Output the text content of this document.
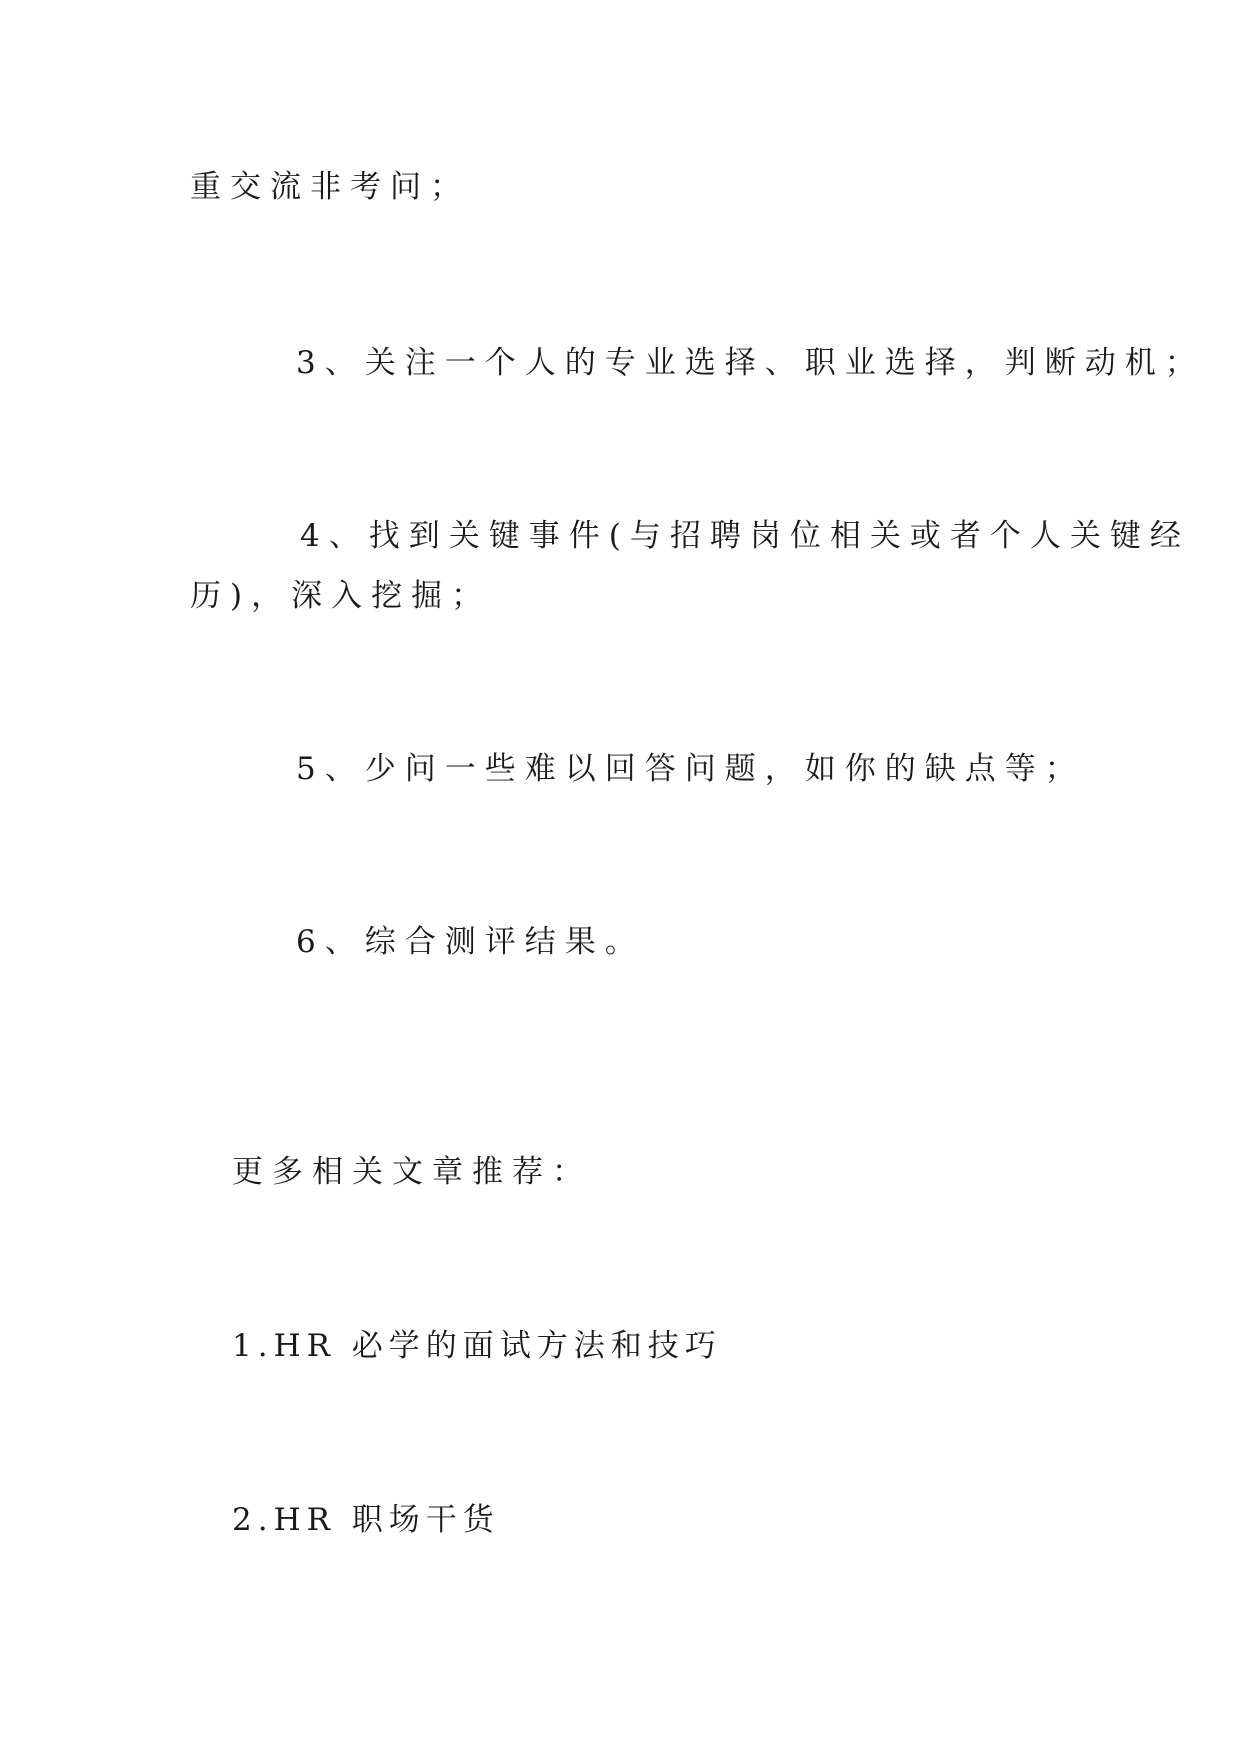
重交流非考问；
3、关注一个人的专业选择、职业选择，判断动机；
4、找到关键事件(与招聘岗位相关或者个人关键经
历)，深入挖掘；
5、少问一些难以回答问题，如你的缺点等；
6、综合测评结果。
更多相关文章推荐：
1.HR 必学的面试方法和技巧
2.HR 职场干货
